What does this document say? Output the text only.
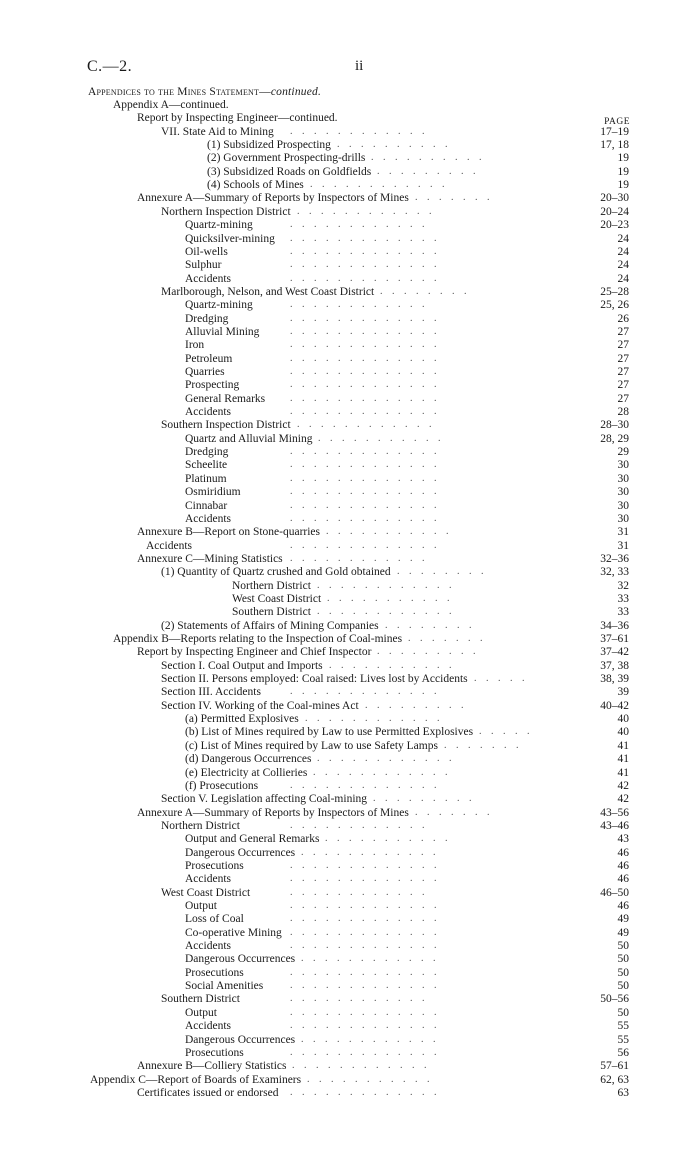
C.—2.	ii
Appendices to the Mines Statement—continued.
PAGE
Appendix A—continued.
Report by Inspecting Engineer—continued.
VII. State Aid to Mining . . . . . . . . . . . .	17–19
(1) Subsidized Prospecting . . . . . . . . . .	17, 18
(2) Government Prospecting-drills . . . . . . . . . .	19
(3) Subsidized Roads on Goldfields . . . . . . . . .	19
(4) Schools of Mines . . . . . . . . . . . .	19
Annexure A—Summary of Reports by Inspectors of Mines . . . . . . .	20–30
Northern Inspection District . . . . . . . . . . . .	20–24
Quartz-mining	. . . . . . . . . . . .	20–23
Quicksilver-mining . . . . . . . . . . . . .	24
Oil-wells	. . . . . . . . . . . . .	24
Sulphur	. . . . . . . . . . . . .	24
Accidents	. . . . . . . . . . . . .	24
Marlborough, Nelson, and West Coast District . . . . . . . .	25–28
Quartz-mining	. . . . . . . . . . . .	25, 26
Dredging	. . . . . . . . . . . . .	26
Alluvial Mining	. . . . . . . . . . . . .	27
Iron	. . . . . . . . . . . . .	27
Petroleum	. . . . . . . . . . . . .	27
Quarries	. . . . . . . . . . . . .	27
Prospecting	. . . . . . . . . . . . .	27
General Remarks . . . . . . . . . . . . .	27
Accidents	. . . . . . . . . . . . .	28
Southern Inspection District . . . . . . . . . . . .	28–30
Quartz and Alluvial Mining . . . . . . . . . . .	28, 29
Dredging	. . . . . . . . . . . . .	29
Scheelite	. . . . . . . . . . . . .	30
Platinum	. . . . . . . . . . . . .	30
Osmiridium	. . . . . . . . . . . . .	30
Cinnabar	. . . . . . . . . . . . .	30
Accidents	. . . . . . . . . . . . .	30
Annexure B—Report on Stone-quarries . . . . . . . . . . .	31
Accidents	. . . . . . . . . . . . .	31
Annexure C—Mining Statistics . . . . . . . . . . . .	32–36
(1) Quantity of Quartz crushed and Gold obtained . . . . . . . .	32, 33
Northern District . . . . . . . . . . . .	32
West Coast District . . . . . . . . . . .	33
Southern District . . . . . . . . . . . .	33
(2) Statements of Affairs of Mining Companies . . . . . . . .	34–36
Appendix B—Reports relating to the Inspection of Coal-mines . . . . . . .	37–61
Report by Inspecting Engineer and Chief Inspector . . . . . . . . .	37–42
Section I. Coal Output and Imports . . . . . . . . . . .	37, 38
Section II. Persons employed: Coal raised: Lives lost by Accidents . . . . .	38, 39
Section III. Accidents	. . . . . . . . . . . . .	39
Section IV. Working of the Coal-mines Act . . . . . . . . .	40–42
(a) Permitted Explosives . . . . . . . . . . . .	40
(b) List of Mines required by Law to use Permitted Explosives . . . . .	40
(c) List of Mines required by Law to use Safety Lamps . . . . . . .	41
(d) Dangerous Occurrences . . . . . . . . . . . .	41
(e) Electricity at Collieries . . . . . . . . . . . .	41
(f) Prosecutions	. . . . . . . . . . . . .	42
Section V. Legislation affecting Coal-mining . . . . . . . . .	42
Annexure A—Summary of Reports by Inspectors of Mines . . . . . . .	43–56
Northern District	. . . . . . . . . . . .	43–46
Output and General Remarks . . . . . . . . . . .	43
Dangerous Occurrences . . . . . . . . . . . .	46
Prosecutions	. . . . . . . . . . . . .	46
Accidents	. . . . . . . . . . . . .	46
West Coast District	. . . . . . . . . . . .	46–50
Output	. . . . . . . . . . . . .	46
Loss of Coal	. . . . . . . . . . . . .	49
Co-operative Mining . . . . . . . . . . . . .	49
Accidents	. . . . . . . . . . . . .	50
Dangerous Occurrences . . . . . . . . . . . .	50
Prosecutions	. . . . . . . . . . . . .	50
Social Amenities	. . . . . . . . . . . . .	50
Southern District	. . . . . . . . . . . .	50–56
Output	. . . . . . . . . . . . .	50
Accidents	. . . . . . . . . . . . .	55
Dangerous Occurrences . . . . . . . . . . . .	55
Prosecutions	. . . . . . . . . . . . .	56
Annexure B—Colliery Statistics . . . . . . . . . . . .	57–61
Appendix C—Report of Boards of Examiners . . . . . . . . . . .	62, 63
Certificates issued or endorsed . . . . . . . . . . . . .	63
